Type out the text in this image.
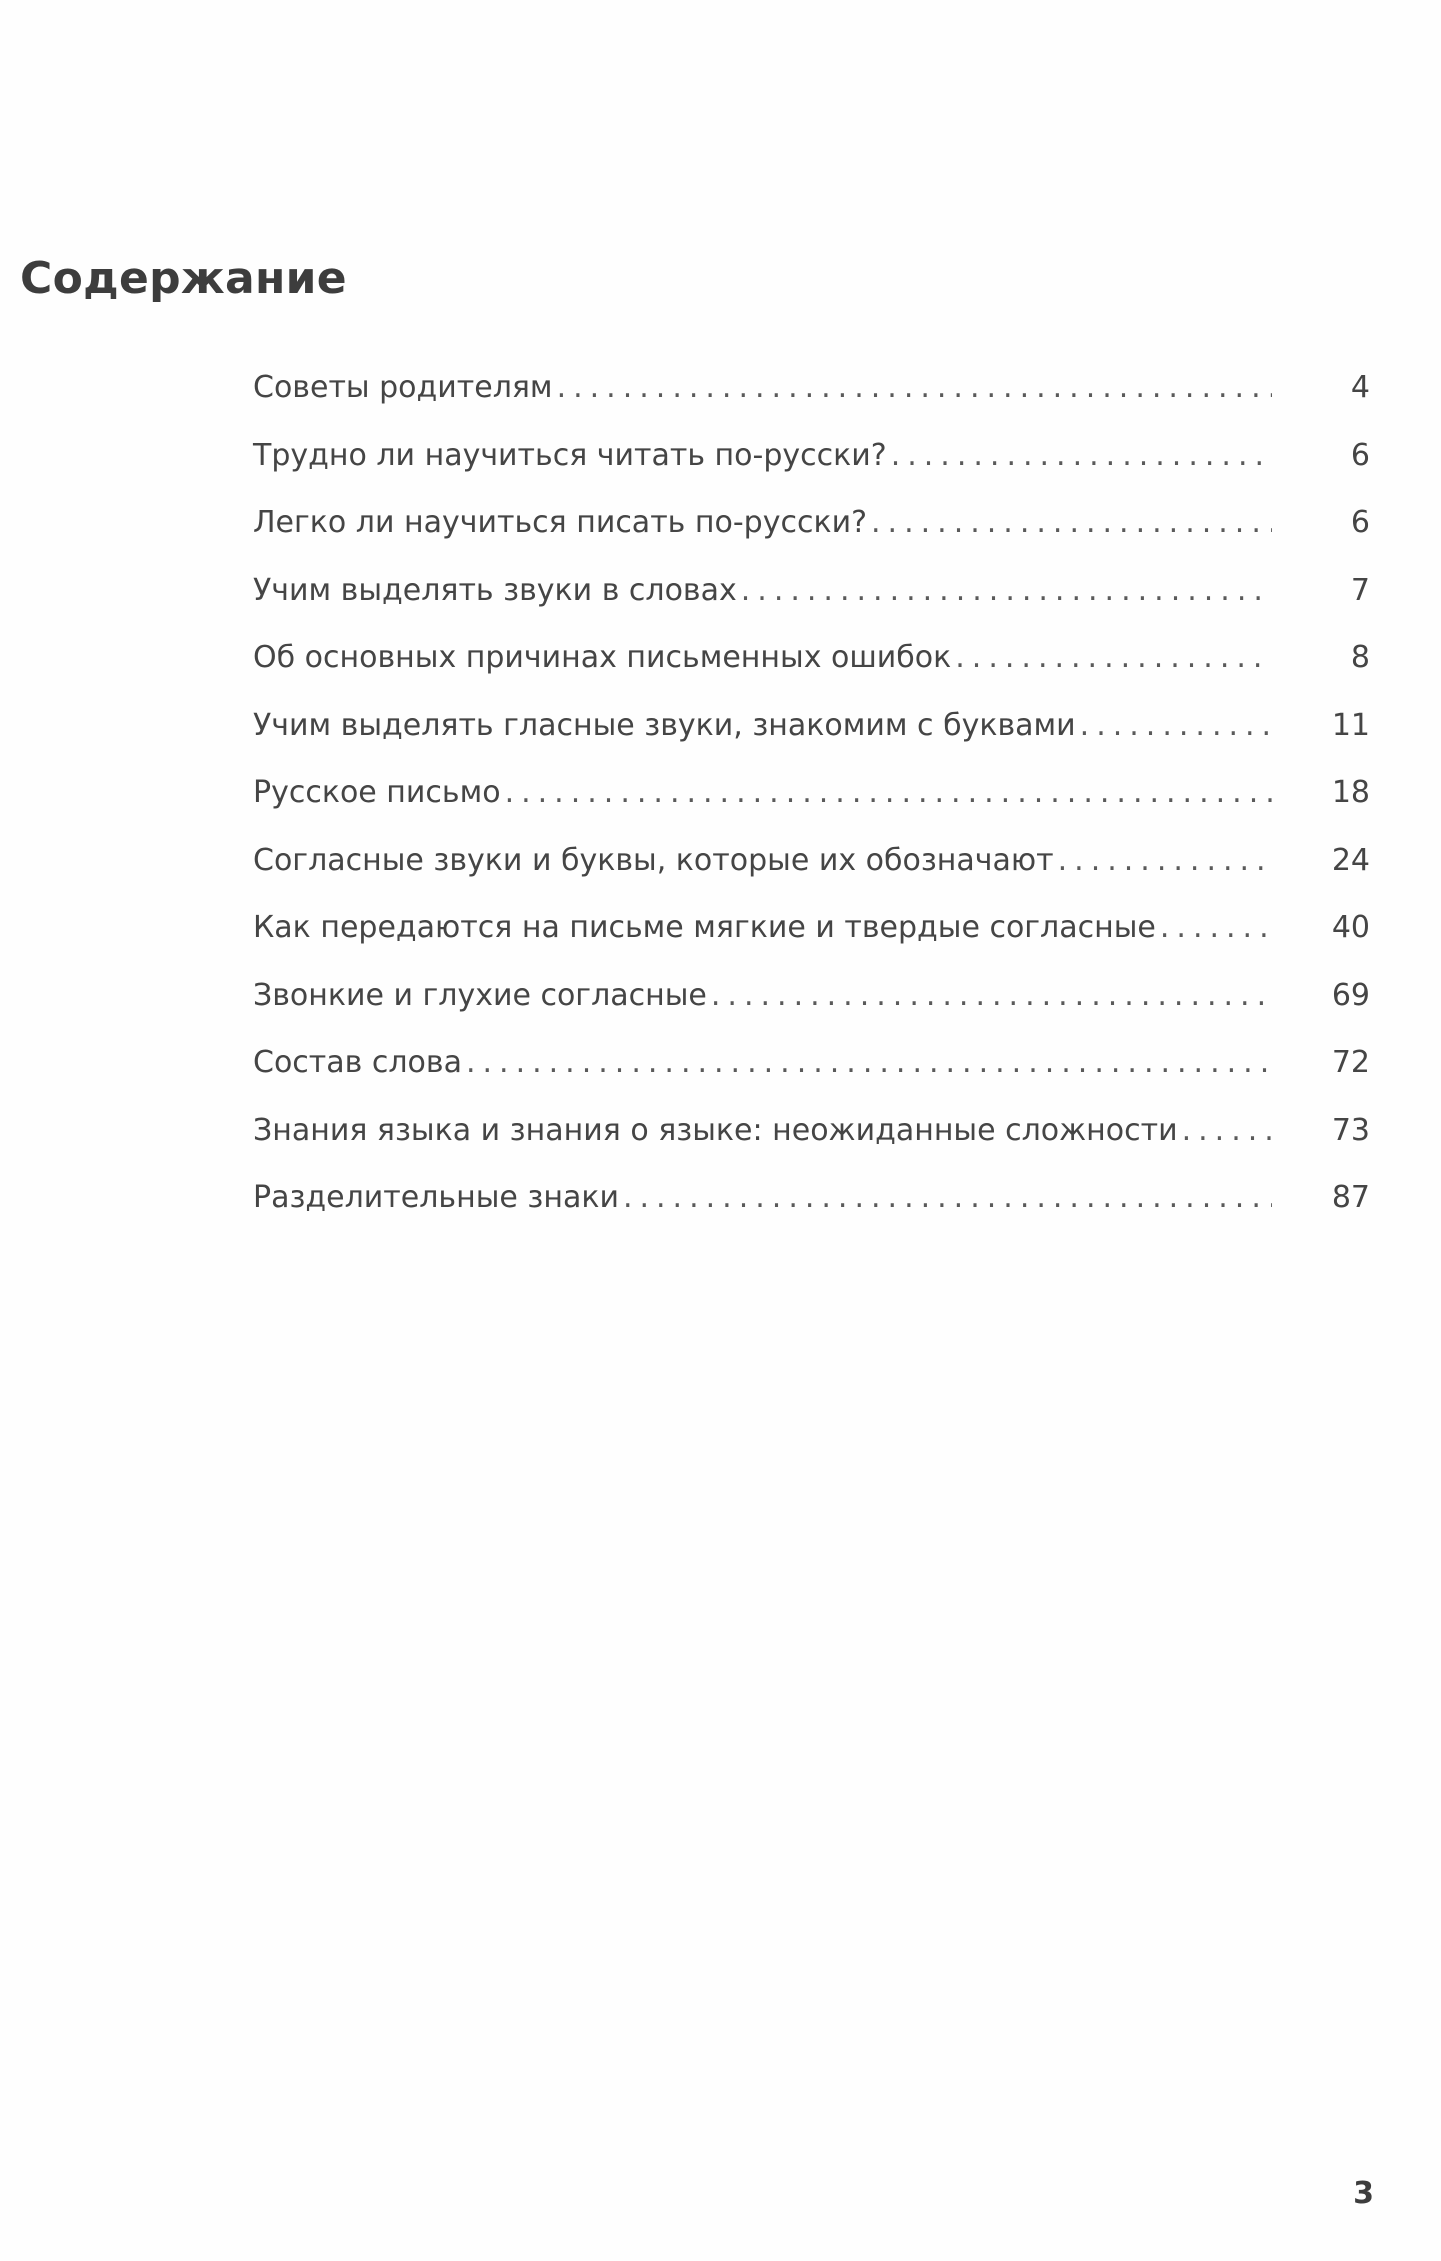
Содержание
Советы родителям .....	4
Трудно ли научиться читать по-русски? .....	6
Легко ли научиться писать по-русски? .....	6
Учим выделять звуки в словах .....	7
Об основных причинах письменных ошибок .....	8
Учим выделять гласные звуки, знакомим с буквами .....	11
Русское письмо .....	18
Согласные звуки и буквы, которые их обозначают .....	24
Как передаются на письме мягкие и твердые согласные .....	40
Звонкие и глухие согласные .....	69
Состав слова .....	72
Знания языка и знания о языке: неожиданные сложности .....	73
Разделительные знаки .....	87
3
